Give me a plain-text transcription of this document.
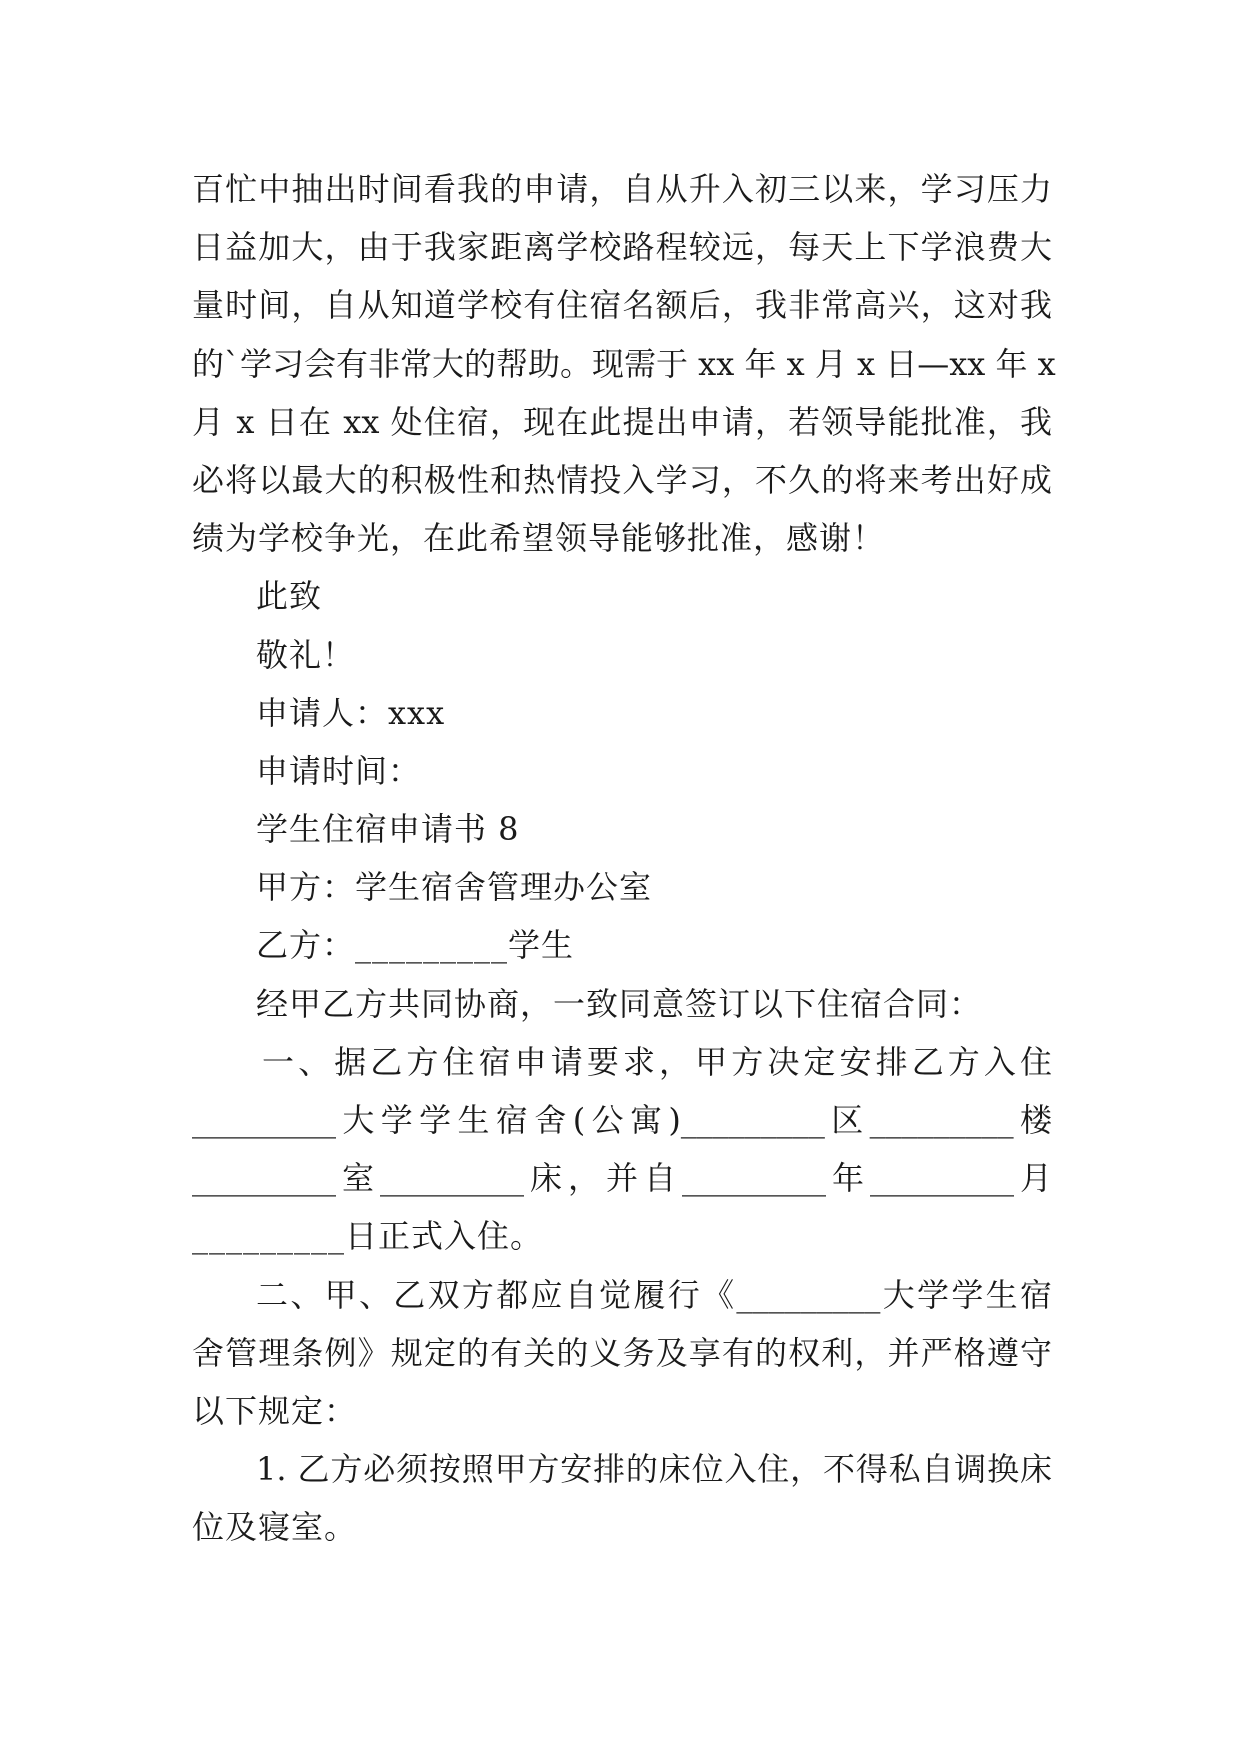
百忙中抽出时间看我的申请，自从升入初三以来，学习压力
日益加大，由于我家距离学校路程较远，每天上下学浪费大
量时间，自从知道学校有住宿名额后，我非常高兴，这对我
的`学习会有非常大的帮助。现需于 xx 年 x 月 x 日—xx 年 x
月 x 日在 xx 处住宿，现在此提出申请，若领导能批准，我
必将以最大的积极性和热情投入学习，不久的将来考出好成
绩为学校争光，在此希望领导能够批准，感谢！
此致
敬礼！
申请人：xxx
申请时间：
学生住宿申请书 8
甲方：学生宿舍管理办公室
乙方：_________学生
经甲乙方共同协商，一致同意签订以下住宿合同：
一、据乙方住宿申请要求，甲方决定安排乙方入住
_________大学学生宿舍(公寓)_________区_________楼
_________室_________床，并自_________年_________月
_________日正式入住。
二、甲、乙双方都应自觉履行《_________大学学生宿
舍管理条例》规定的有关的义务及享有的权利，并严格遵守
以下规定：
1. 乙方必须按照甲方安排的床位入住，不得私自调换床
位及寝室。
